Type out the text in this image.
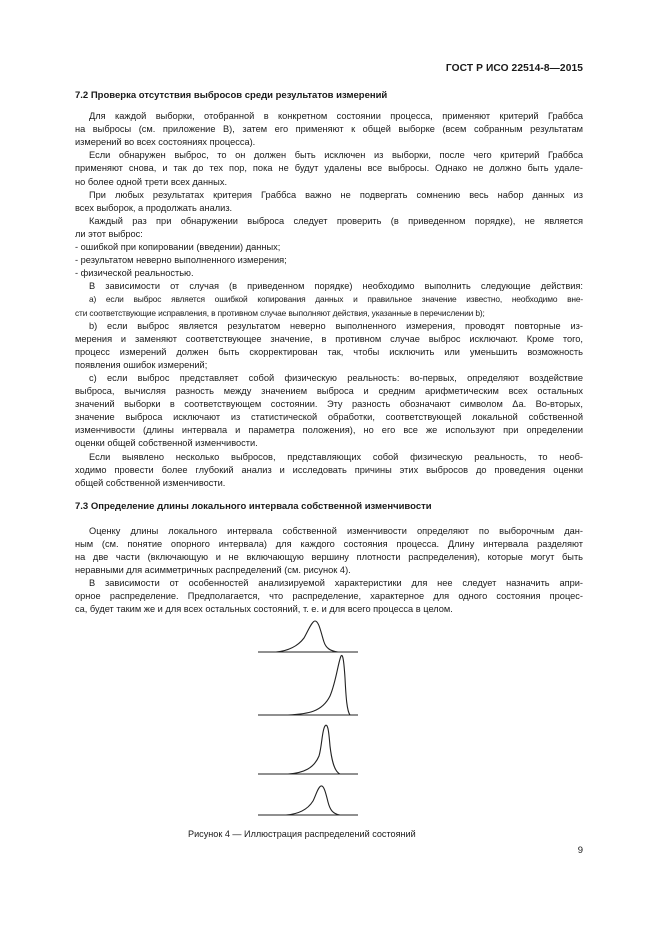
ГОСТ Р ИСО 22514-8—2015
7.2 Проверка отсутствия выбросов среди результатов измерений
Для каждой выборки, отобранной в конкретном состоянии процесса, применяют критерий Граббса
на выбросы (см. приложение В), затем его применяют к общей выборке (всем собранным результатам
измерений во всех состояниях процесса).
Если обнаружен выброс, то он должен быть исключен из выборки, после чего критерий Граббса
применяют снова, и так до тех пор, пока не будут удалены все выбросы. Однако не должно быть удале-
но более одной трети всех данных.
При любых результатах критерия Граббса важно не подвергать сомнению весь набор данных из
всех выборок, а продолжать анализ.
Каждый раз при обнаружении выброса следует проверить (в приведенном порядке), не является
ли этот выброс:
- ошибкой при копировании (введении) данных;
- результатом неверно выполненного измерения;
- физической реальностью.
В зависимости от случая (в приведенном порядке) необходимо выполнить следующие действия:
а) если выброс является ошибкой копирования данных и правильное значение известно, необходимо вне-
сти соответствующие исправления, в противном случае выполняют действия, указанные в перечислении b);
b) если выброс является результатом неверно выполненного измерения, проводят повторные из-
мерения и заменяют соответствующее значение, в противном случае выброс исключают. Кроме того,
процесс измерений должен быть скорректирован так, чтобы исключить или уменьшить возможность
появления ошибок измерений;
с) если выброс представляет собой физическую реальность: во-первых, определяют воздействие
выброса, вычисляя разность между значением выброса и средним арифметическим всех остальных
значений выборки в соответствующем состоянии. Эту разность обозначают символом Δа. Во-вторых,
значение выброса исключают из статистической обработки, соответствующей локальной собственной
изменчивости (длины интервала и параметра положения), но его все же используют при определении
оценки общей собственной изменчивости.
Если выявлено несколько выбросов, представляющих собой физическую реальность, то необ-
ходимо провести более глубокий анализ и исследовать причины этих выбросов до проведения оценки
общей собственной изменчивости.
7.3 Определение длины локального интервала собственной изменчивости
Оценку длины локального интервала собственной изменчивости определяют по выборочным дан-
ным (см. понятие опорного интервала) для каждого состояния процесса. Длину интервала разделяют
на две части (включающую и не включающую вершину плотности распределения), которые могут быть
неравными для асимметричных распределений (см. рисунок 4).
В зависимости от особенностей анализируемой характеристики для нее следует назначить апри-
орное распределение. Предполагается, что распределение, характерное для одного состояния процес-
са, будет таким же и для всех остальных состояний, т. е. и для всего процесса в целом.
Рисунок 4 — Иллюстрация распределений состояний
9
